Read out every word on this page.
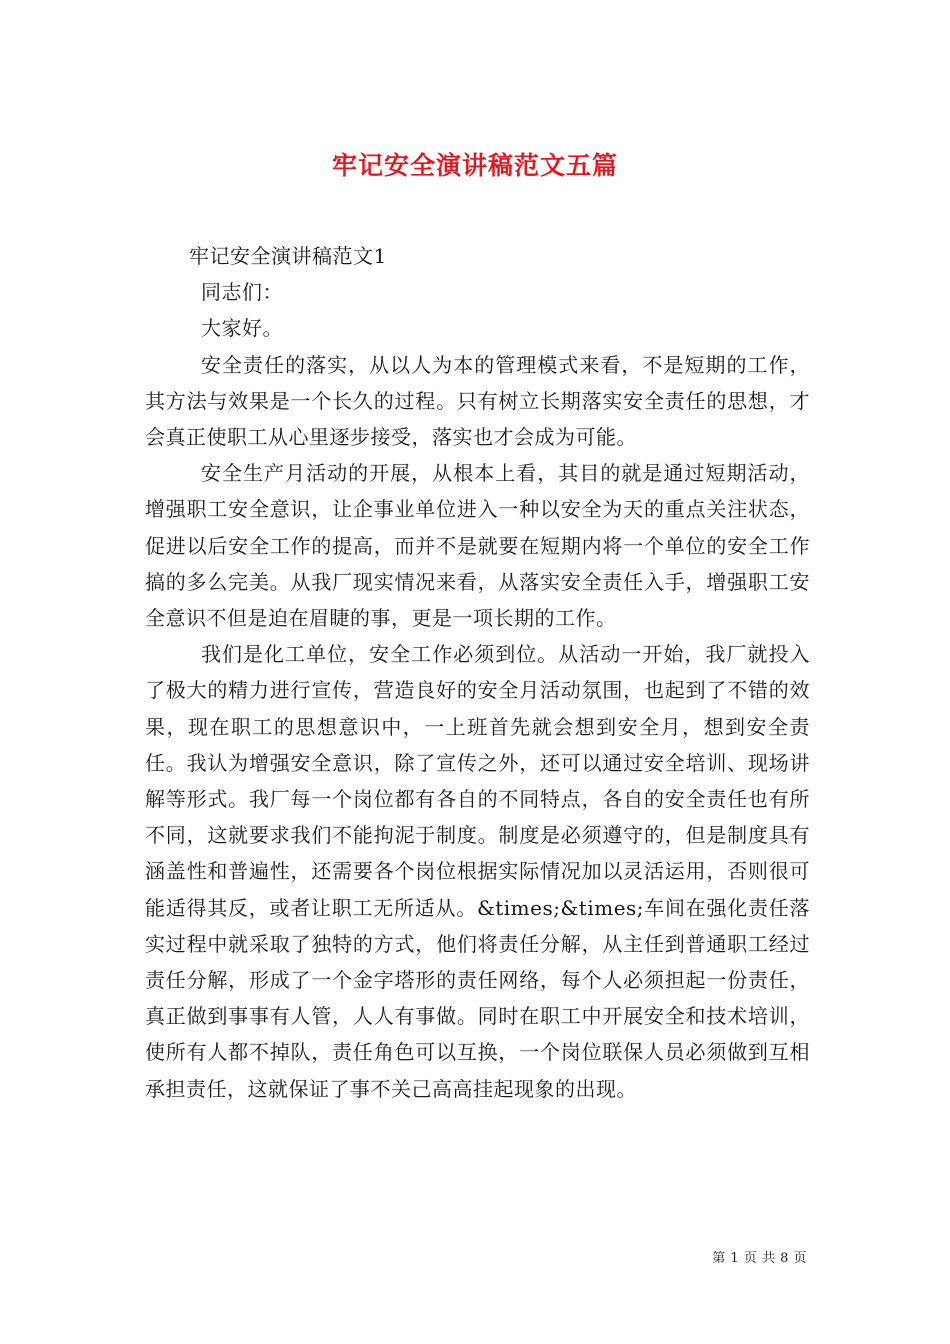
牢记安全演讲稿范文五篇

牢记安全演讲稿范文1

同志们：

大家好。

安全责任的落实，从以人为本的管理模式来看，不是短期的工作，其方法与效果是一个长久的过程。只有树立长期落实安全责任的思想，才会真正使职工从心里逐步接受，落实也才会成为可能。

安全生产月活动的开展，从根本上看，其目的就是通过短期活动，增强职工安全意识，让企事业单位进入一种以安全为天的重点关注状态，促进以后安全工作的提高，而并不是就要在短期内将一个单位的安全工作搞的多么完美。从我厂现实情况来看，从落实安全责任入手，增强职工安全意识不但是迫在眉睫的事，更是一项长期的工作。

我们是化工单位，安全工作必须到位。从活动一开始，我厂就投入了极大的精力进行宣传，营造良好的安全月活动氛围，也起到了不错的效果，现在职工的思想意识中，一上班首先就会想到安全月，想到安全责任。我认为增强安全意识，除了宣传之外，还可以通过安全培训、现场讲解等形式。我厂每一个岗位都有各自的不同特点，各自的安全责任也有所不同，这就要求我们不能拘泥于制度。制度是必须遵守的，但是制度具有涵盖性和普遍性，还需要各个岗位根据实际情况加以灵活运用，否则很可能适得其反，或者让职工无所适从。&times;&times;车间在强化责任落实过程中就采取了独特的方式，他们将责任分解，从主任到普通职工经过责任分解，形成了一个金字塔形的责任网络，每个人必须担起一份责任，真正做到事事有人管，人人有事做。同时在职工中开展安全和技术培训，使所有人都不掉队，责任角色可以互换，一个岗位联保人员必须做到互相承担责任，这就保证了事不关己高高挂起现象的出现。

第 1 页 共 8 页
